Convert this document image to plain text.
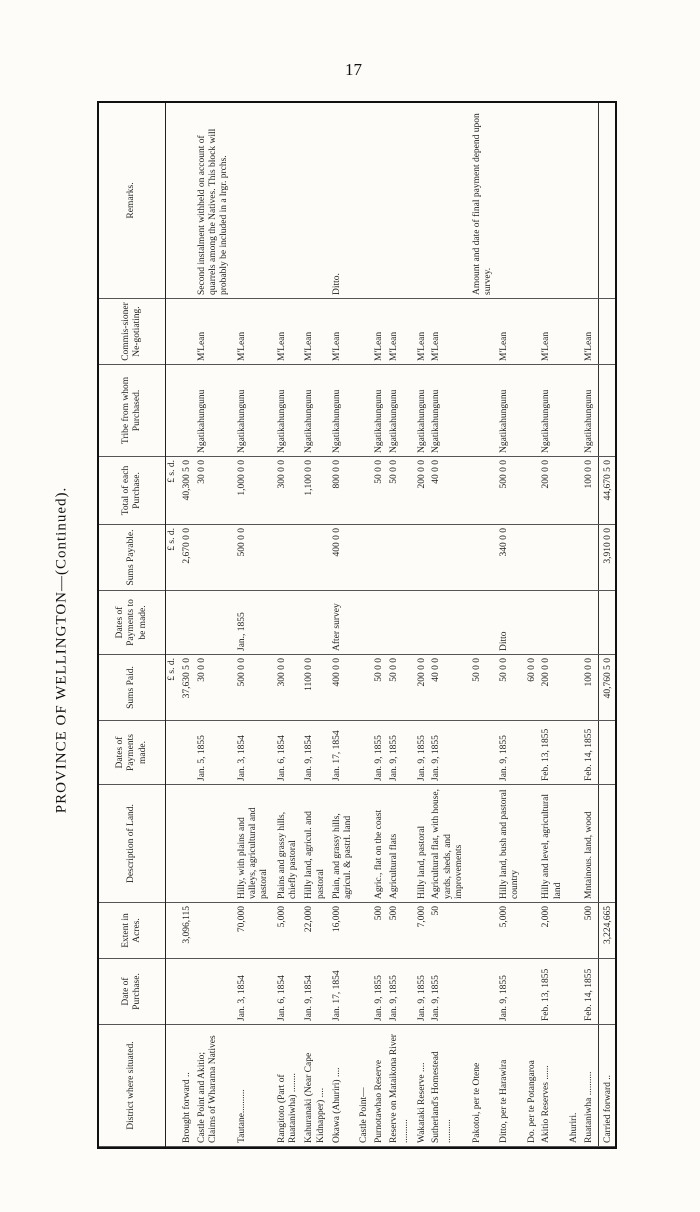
17
PROVINCE OF WELLINGTON—(Continued).
District where situated.	Date of Purchase.	Extent in Acres.	Description of Land.	Dates of Payments made.	Sums Paid.	Dates of Payments to be made.	Sums Payable.	Total of each Purchase.	Tribe from whom Purchased.	Commis-sioner Ne-gotiating.	Remarks.
					£ s. d.		£ s. d.	£ s. d.			
Brought forward ..		3,096,115			37,630 5 0		2,670 0 0	40,300 5 0			
Castle Point and Akitio; Claims of Wharama Natives				Jan. 5, 1855	30 0 0			30 0 0	Ngatikahungunu	M'Lean	Second instalment withheld on account of quarrels among the Natives. This block will probably be included in a lrgr. prchs.
Tautane..........	Jan. 3, 1854	70,000	Hilly, with plains and valleys, agricultural and pastoral	Jan. 3, 1854	500 0 0	Jan., 1855	500 0 0	1,000 0 0	Ngatikahungunu	M'Lean	
Rangitoto (Part of Ruataniwha) ........	Jan. 6, 1854	5,000	Plains and grassy hills, chiefly pastoral	Jan. 6, 1854	300 0 0			300 0 0	Ngatikahungunu	M'Lean	
Kahuranaki (Near Cape Kidnapper) ....	Jan. 9, 1854	22,000	Hilly land, agricul. and pastoral	Jan. 9, 1854	1100 0 0			1,100 0 0	Ngatikahungunu	M'Lean	
Okawa (Ahuriri) ....	Jan. 17, 1854	16,000	Plain, and grassy hills, agricul. & pastrl. land	Jan. 17, 1854	400 0 0	After survey	400 0 0	800 0 0	Ngatikahungunu	M'Lean	Ditto.
Castle Point—											
Purnotawhao Reserve	Jan. 9, 1855	500	Agric., flat on the coast	Jan. 9, 1855	50 0 0			50 0 0	Ngatikahungunu	M'Lean	
Reserve on Mataikona River ..........	Jan. 9, 1855	500	Agricultural flats	Jan. 9, 1855	50 0 0			50 0 0	Ngatikahungunu	M'Lean	
Wakataki Reserve ....	Jan. 9, 1855	7,000	Hilly land, pastoral	Jan. 9, 1855	200 0 0			200 0 0	Ngatikahungunu	M'Lean	
Sutherland's Homestead ..........	Jan. 9, 1855	50	Agricultural flat, with house, yards, sheds, and improvements	Jan. 9, 1855	40 0 0			40 0 0	Ngatikahungunu	M'Lean	
Pakotoi, per te Otene					50 0 0						Amount and date of final payment depend upon survey.
Ditto, per te Harawira	Jan. 9, 1855	5,000	Hilly land, bush and pastoral country	Jan. 9, 1855	50 0 0	Ditto	340 0 0	500 0 0	Ngatikahungunu	M'Lean	
Do. per te Potangaroa					60 0 0						
Akitio Reserves ......	Feb. 13, 1855	2,000	Hilly and level, agricultural land	Feb. 13, 1855	200 0 0			200 0 0	Ngatikahungunu	M'Lean	
Ahuriri.											
Ruataniwha ..........	Feb. 14, 1855	500	Mntainous. land, wood	Feb. 14, 1855	100 0 0			100 0 0	Ngatikahungunu	M'Lean	
Carried forward ..		3,224,665			40,760 5 0		3,910 0 0	44,670 5 0			
